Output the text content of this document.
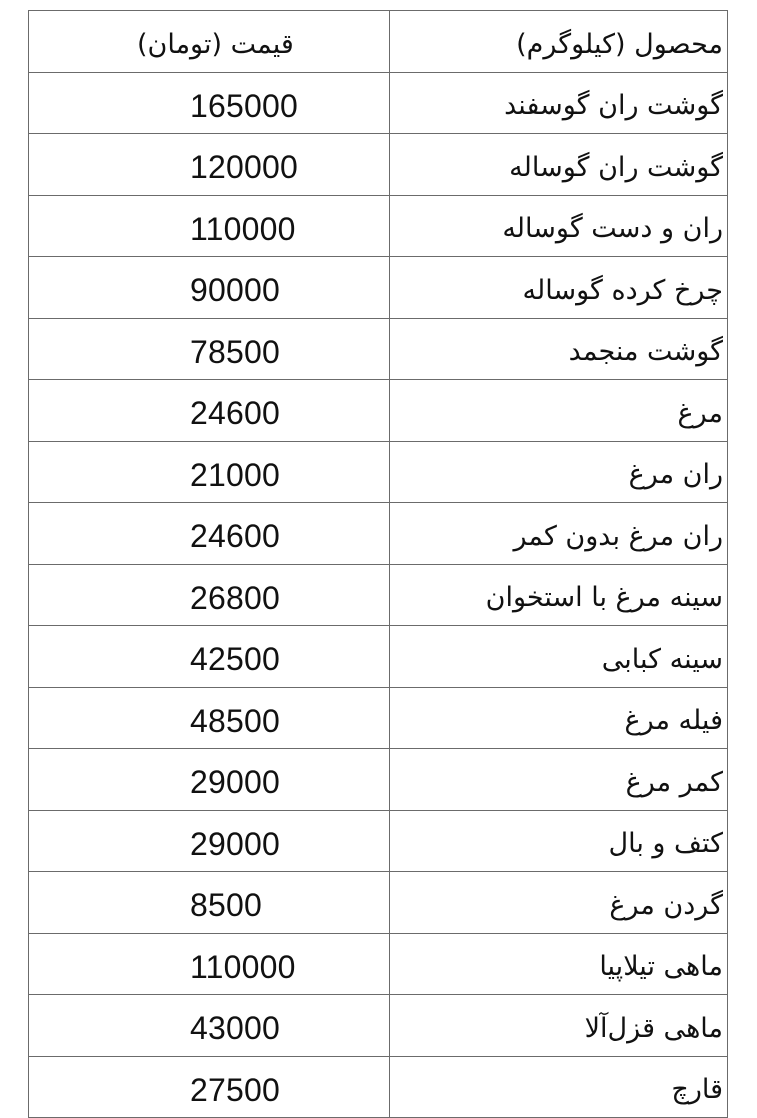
محصول (کیلوگرم)	قیمت (تومان)
گوشت ران گوسفند	165000
گوشت ران گوساله	120000
ران و دست گوساله	110000
چرخ کرده گوساله	90000
گوشت منجمد	78500
مرغ	24600
ران مرغ	21000
ران مرغ بدون کمر	24600
سینه مرغ با استخوان	26800
سینه کبابی	42500
فیله مرغ	48500
کمر مرغ	29000
کتف و بال	29000
گردن مرغ	8500
ماهی تیلاپیا	110000
ماهی قزل‌آلا	43000
قارچ	27500
